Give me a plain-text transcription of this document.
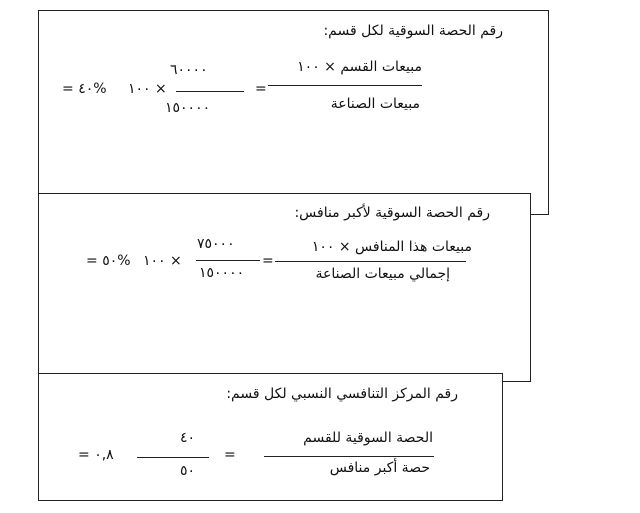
رقم الحصة السوقية لكل قسم:
مبيعات القسم × ١٠٠
مبيعات الصناعة
=
٦٠٠٠٠
١٥٠٠٠٠
× ١٠٠
%٤٠ =
رقم الحصة السوقية لأكبر منافس:
مبيعات هذا المنافس × ١٠٠
إجمالي مبيعات الصناعة
=
٧٥٠٠٠
١٥٠٠٠٠
× ١٠٠
%٥٠ =
رقم المركز التنافسي النسبي لكل قسم:
الحصة السوقية للقسم
حصة أكبر منافس
=
٤٠
٥٠
٠,٨ =
